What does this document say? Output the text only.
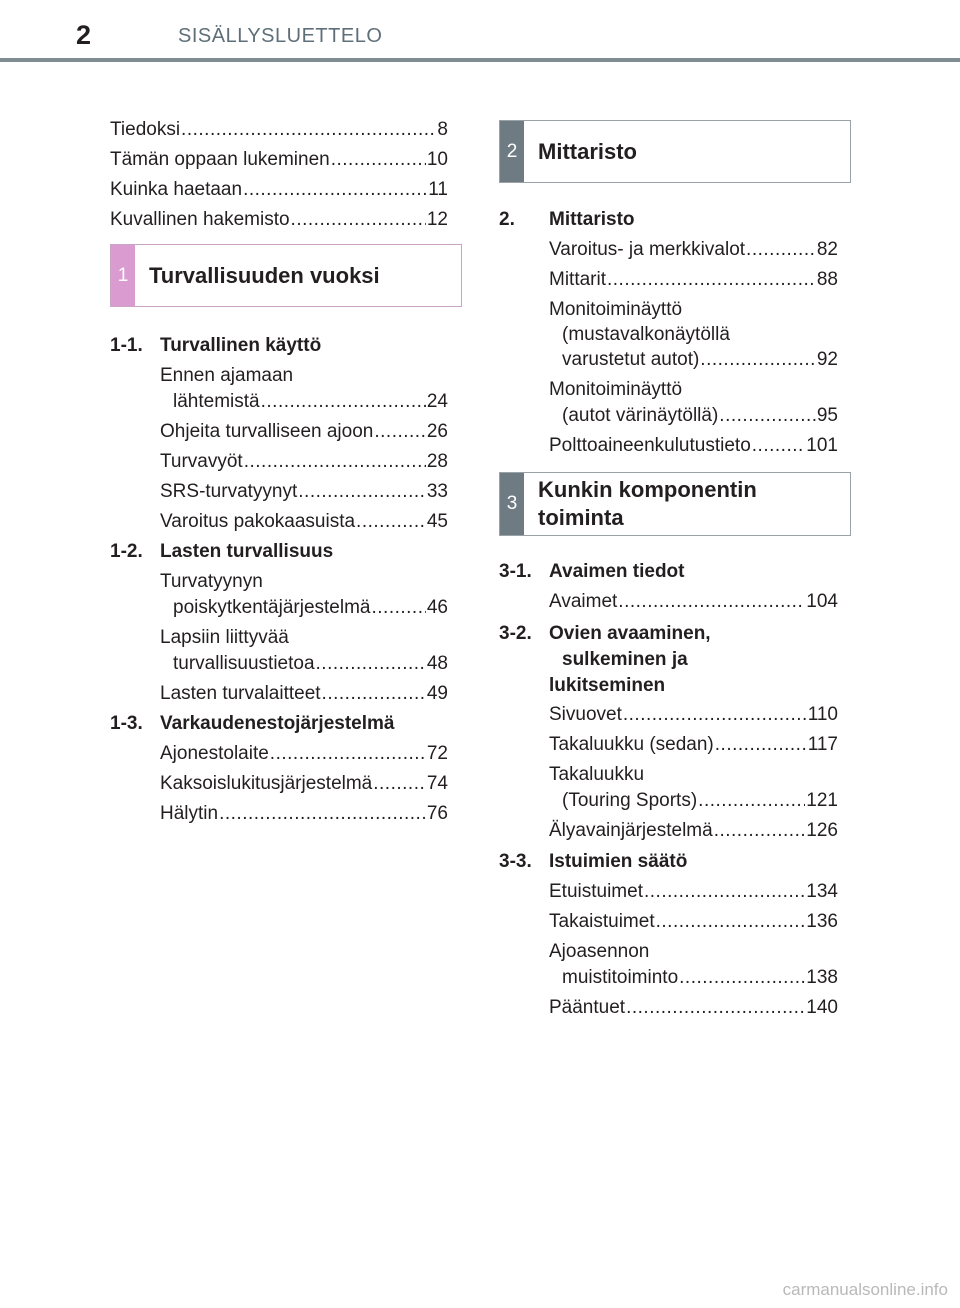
2	SISÄLLYSLUETTELO
Tiedoksi .....	8
Tämän oppaan lukeminen .....	10
Kuinka haetaan .....	11
Kuvallinen hakemisto .....	12
1 Turvallisuuden vuoksi
1-1. Turvallinen käyttö
Ennen ajamaan
lähtemistä .....	24
Ohjeita turvalliseen ajoon .....	26
Turvavyöt .....	28
SRS-turvatyynyt .....	33
Varoitus pakokaasuista .....	45
1-2. Lasten turvallisuus
Turvatyynyn
poiskytkentäjärjestelmä .....	46
Lapsiin liittyvää
turvallisuustietoa .....	48
Lasten turvalaitteet .....	49
1-3. Varkaudenestojärjestelmä
Ajonestolaite .....	72
Kaksoislukitusjärjestelmä .....	74
Hälytin .....	76
2 Mittaristo
2. Mittaristo
Varoitus- ja merkkivalot .....	82
Mittarit .....	88
Monitoiminäyttö
(mustavalkonäytöllä
varustetut autot) .....	92
Monitoiminäyttö
(autot värinäytöllä) .....	95
Polttoaineenkulutustieto .....	101
3
Kunkin komponentin
toiminta
3-1. Avaimen tiedot
Avaimet .....	104
3-2. Ovien avaaminen,
sulkeminen ja
lukitseminen
Sivuovet .....	110
Takaluukku (sedan) .....	117
Takaluukku
(Touring Sports) .....	121
Älyavainjärjestelmä .....	126
3-3. Istuimien säätö
Etuistuimet .....	134
Takaistuimet .....	136
Ajoasennon
muistitoiminto .....	138
Pääntuet .....	140
carmanualsonline.info
